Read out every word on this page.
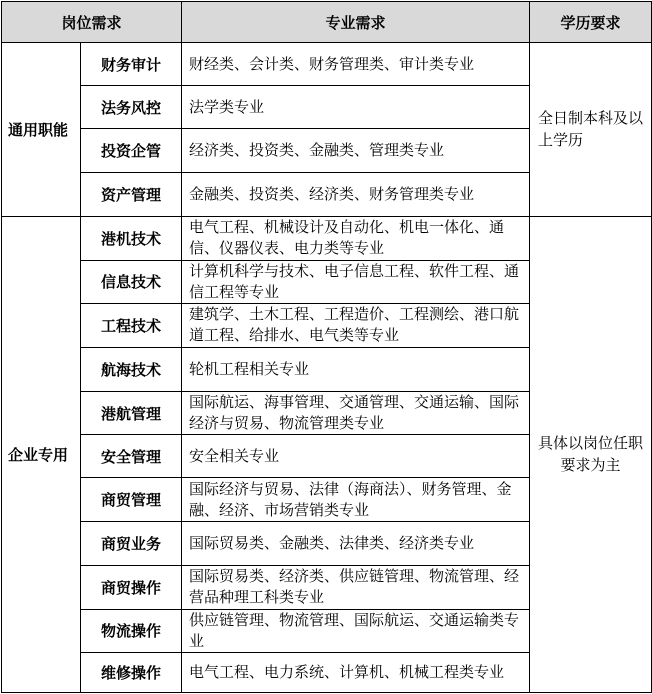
岗位需求		专业需求	学历要求
通用职能	财务审计	财经类、会计类、财务管理类、审计类专业	全日制本科及以上学历
	法务风控	法学类专业	
	投资企管	经济类、投资类、金融类、管理类专业	
	资产管理	金融类、投资类、经济类、财务管理类专业	
企业专用	港机技术	电气工程、机械设计及自动化、机电一体化、通信、仪器仪表、电力类等专业	具体以岗位任职要求为主
	信息技术	计算机科学与技术、电子信息工程、软件工程、通信工程等专业	
	工程技术	建筑学、土木工程、工程造价、工程测绘、港口航道工程、给排水、电气类等专业	
	航海技术	轮机工程相关专业	
	港航管理	国际航运、海事管理、交通管理、交通运输、国际经济与贸易、物流管理类专业	
	安全管理	安全相关专业	
	商贸管理	国际经济与贸易、法律（海商法）、财务管理、金融、经济、市场营销类专业	
	商贸业务	国际贸易类、金融类、法律类、经济类专业	
	商贸操作	国际贸易类、经济类、供应链管理、物流管理、经营品种理工科类专业	
	物流操作	供应链管理、物流管理、国际航运、交通运输类专业	
	维修操作	电气工程、电力系统、计算机、机械工程类专业	
